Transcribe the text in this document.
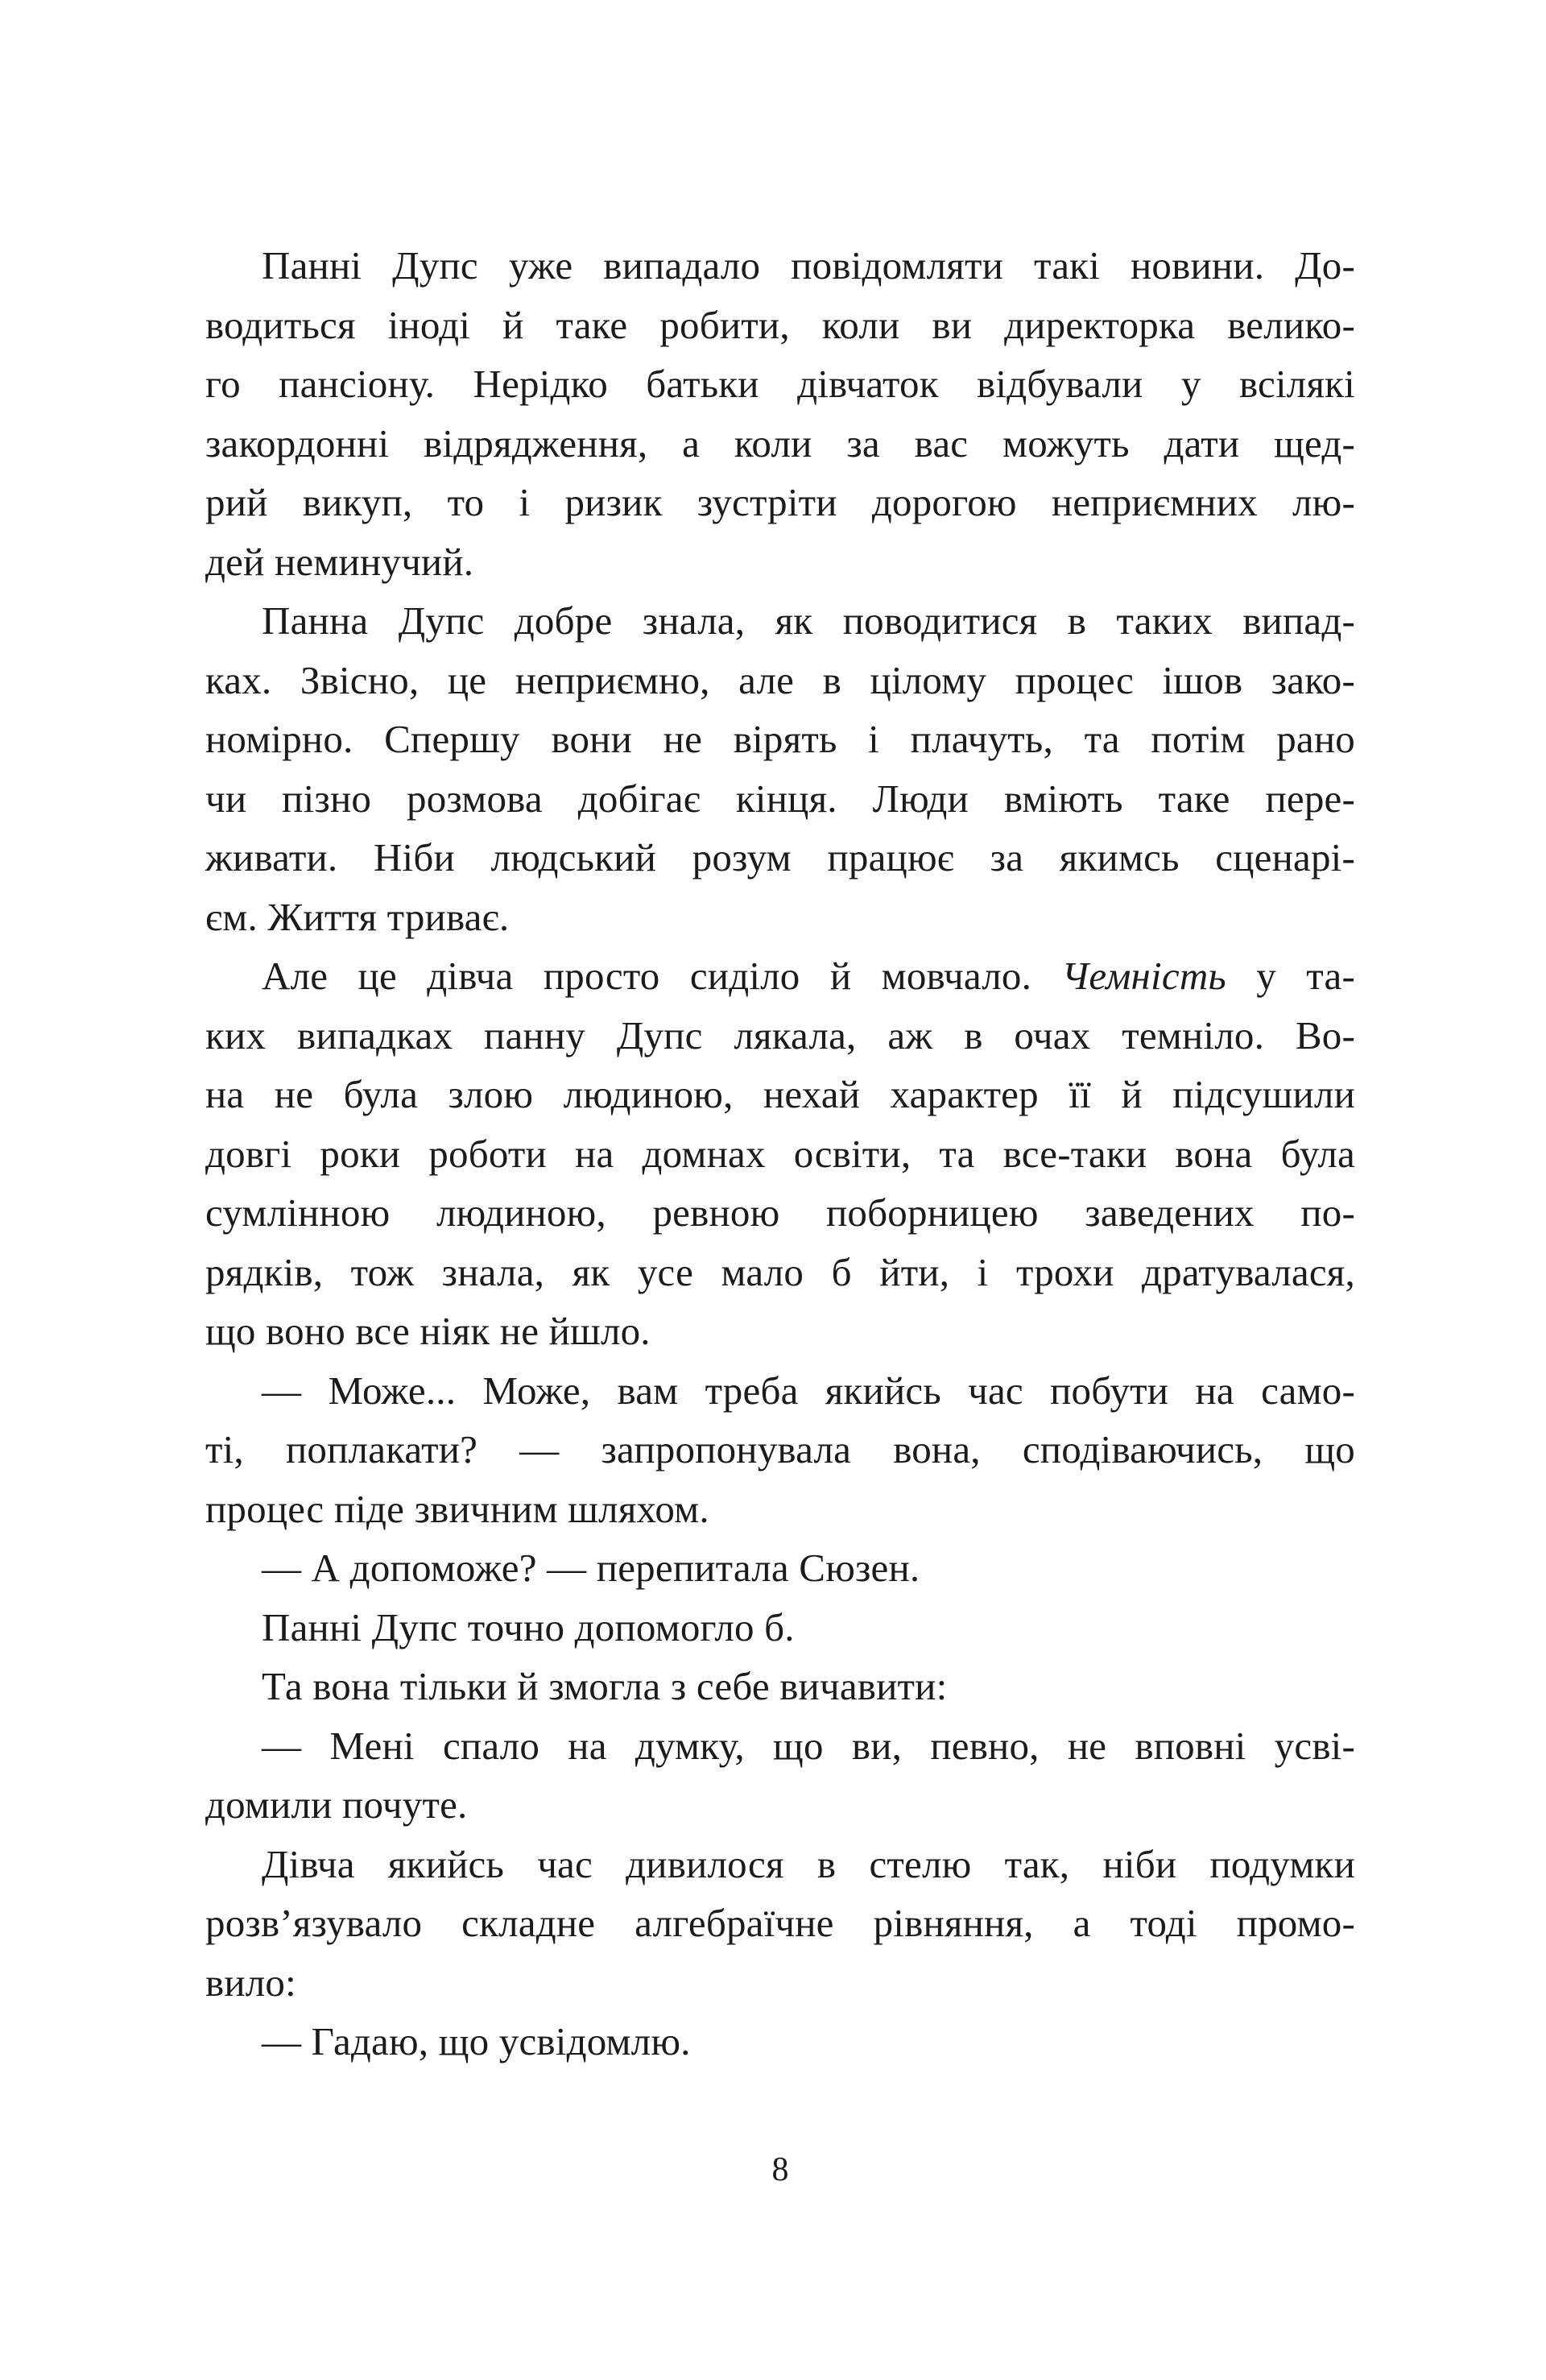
Панні Дупс уже випадало повідомляти такі новини. До-
водиться іноді й таке робити, коли ви директорка велико-
го пансіону. Нерідко батьки дівчаток відбували у всілякі
закордонні відрядження, а коли за вас можуть дати щед-
рий викуп, то і ризик зустріти дорогою неприємних лю-
дей неминучий.
Панна Дупс добре знала, як поводитися в таких випад-
ках. Звісно, це неприємно, але в цілому процес ішов зако-
номірно. Спершу вони не вірять і плачуть, та потім рано
чи пізно розмова добігає кінця. Люди вміють таке пере-
живати. Ніби людський розум працює за якимсь сценарі-
єм. Життя триває.
Але це дівча просто сиділо й мовчало. Чемність у та-
ких випадках панну Дупс лякала, аж в очах темніло. Во-
на не була злою людиною, нехай характер її й підсушили
довгі роки роботи на домнах освіти, та все-таки вона була
сумлінною людиною, ревною поборницею заведених по-
рядків, тож знала, як усе мало б йти, і трохи дратувалася,
що воно все ніяк не йшло.
— Може... Може, вам треба якийсь час побути на само-
ті, поплакати? — запропонувала вона, сподіваючись, що
процес піде звичним шляхом.
— А допоможе? — перепитала Сюзен.
Панні Дупс точно допомогло б.
Та вона тільки й змогла з себе вичавити:
— Мені спало на думку, що ви, певно, не вповні усві-
домили почуте.
Дівча якийсь час дивилося в стелю так, ніби подумки
розв’язувало складне алгебраїчне рівняння, а тоді промо-
вило:
— Гадаю, що усвідомлю.
8
